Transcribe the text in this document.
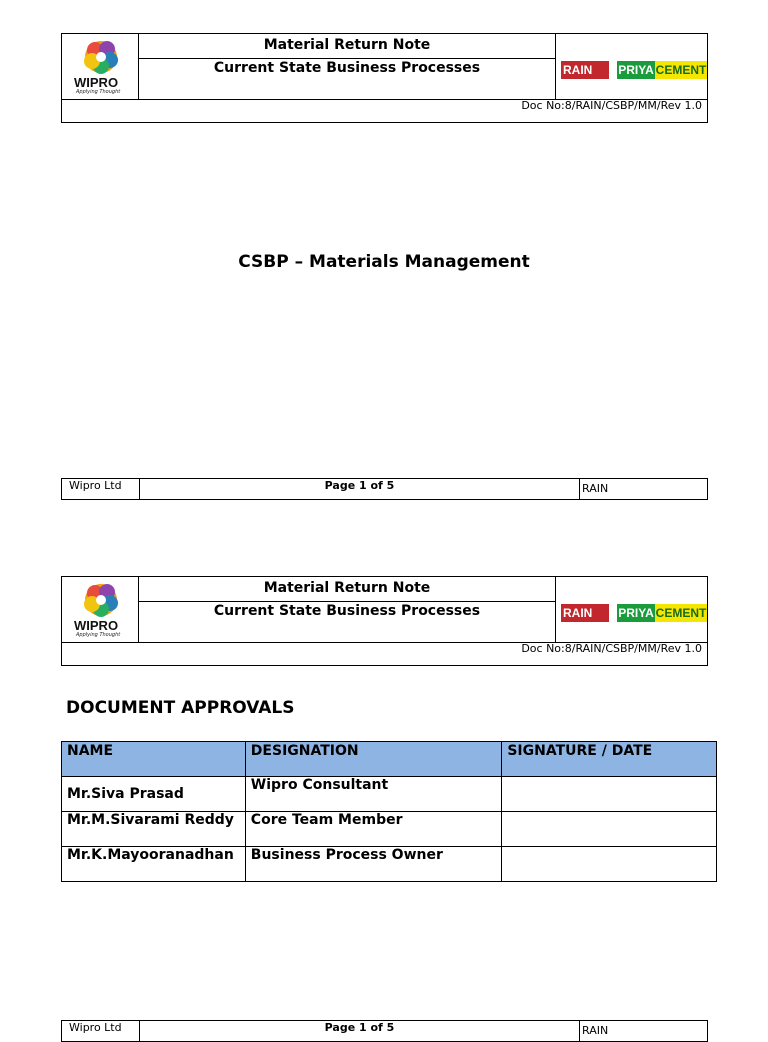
WIPRO
Applying Thought
Material Return Note
Current State Business Processes	RAIN CII
PRIYA CEMENT
Doc No:8/RAIN/CSBP/MM/Rev 1.0
CSBP – Materials Management
Wipro Ltd	Page 1 of 5	RAIN
WIPRO
Applying Thought
Material Return Note
Current State Business Processes	RAIN CII
PRIYA CEMENT
Doc No:8/RAIN/CSBP/MM/Rev 1.0
DOCUMENT APPROVALS
NAME	DESIGNATION	SIGNATURE / DATE
Mr.Siva Prasad	Wipro Consultant	
Mr.M.Sivarami Reddy	Core Team Member	
Mr.K.Mayooranadhan	Business Process Owner	
Wipro Ltd	Page 1 of 5	RAIN
